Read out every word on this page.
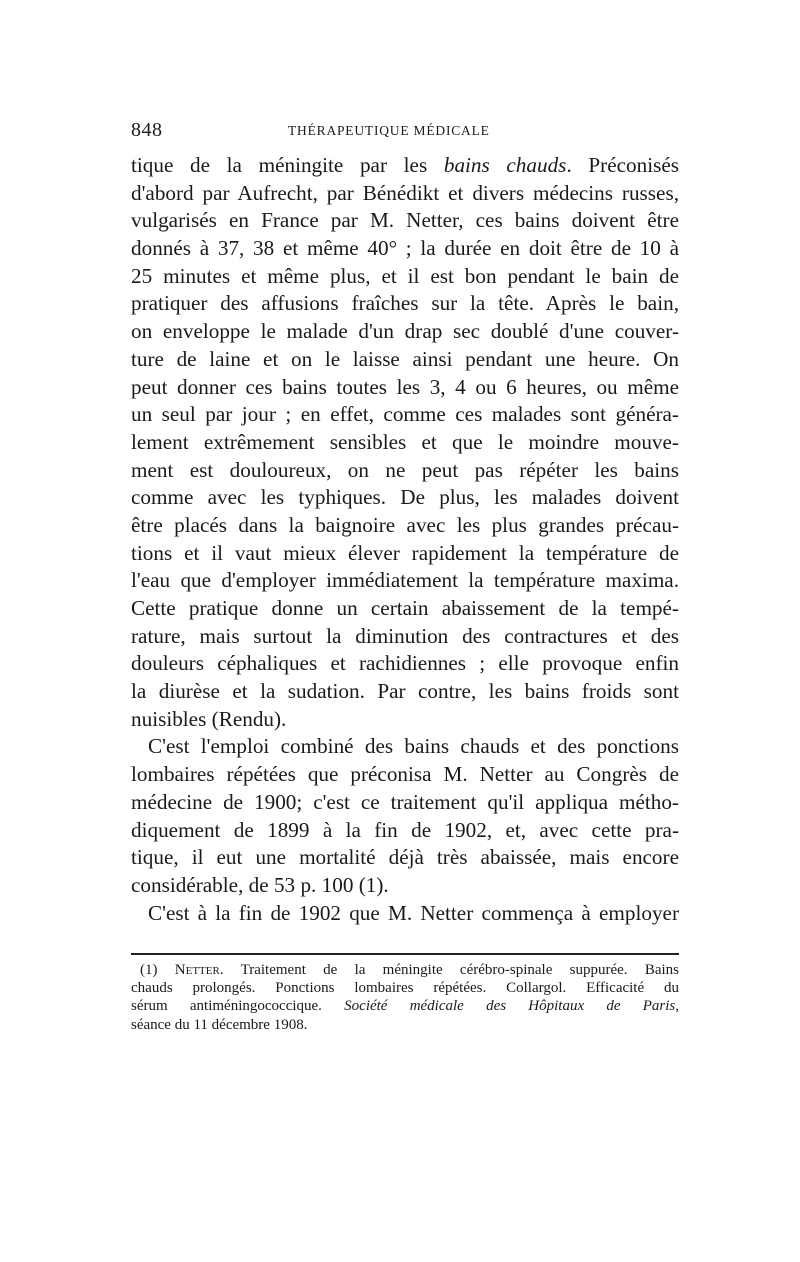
848	THÉRAPEUTIQUE MÉDICALE
tique de la méningite par les bains chauds. Préconisés
d'abord par Aufrecht, par Bénédikt et divers médecins russes,
vulgarisés en France par M. Netter, ces bains doivent être
donnés à 37, 38 et même 40° ; la durée en doit être de 10 à
25 minutes et même plus, et il est bon pendant le bain de
pratiquer des affusions fraîches sur la tête. Après le bain,
on enveloppe le malade d'un drap sec doublé d'une couver-
ture de laine et on le laisse ainsi pendant une heure. On
peut donner ces bains toutes les 3, 4 ou 6 heures, ou même
un seul par jour ; en effet, comme ces malades sont généra-
lement extrêmement sensibles et que le moindre mouve-
ment est douloureux, on ne peut pas répéter les bains
comme avec les typhiques. De plus, les malades doivent
être placés dans la baignoire avec les plus grandes précau-
tions et il vaut mieux élever rapidement la température de
l'eau que d'employer immédiatement la température maxima.
Cette pratique donne un certain abaissement de la tempé-
rature, mais surtout la diminution des contractures et des
douleurs céphaliques et rachidiennes ; elle provoque enfin
la diurèse et la sudation. Par contre, les bains froids sont
nuisibles (Rendu).
C'est l'emploi combiné des bains chauds et des ponctions
lombaires répétées que préconisa M. Netter au Congrès de
médecine de 1900; c'est ce traitement qu'il appliqua métho-
diquement de 1899 à la fin de 1902, et, avec cette pra-
tique, il eut une mortalité déjà très abaissée, mais encore
considérable, de 53 p. 100 (1).
C'est à la fin de 1902 que M. Netter commença à employer
(1) Netter. Traitement de la méningite cérébro-spinale suppurée. Bains
chauds prolongés. Ponctions lombaires répétées. Collargol. Efficacité du
sérum antiméningococcique. Société médicale des Hôpitaux de Paris,
séance du 11 décembre 1908.
